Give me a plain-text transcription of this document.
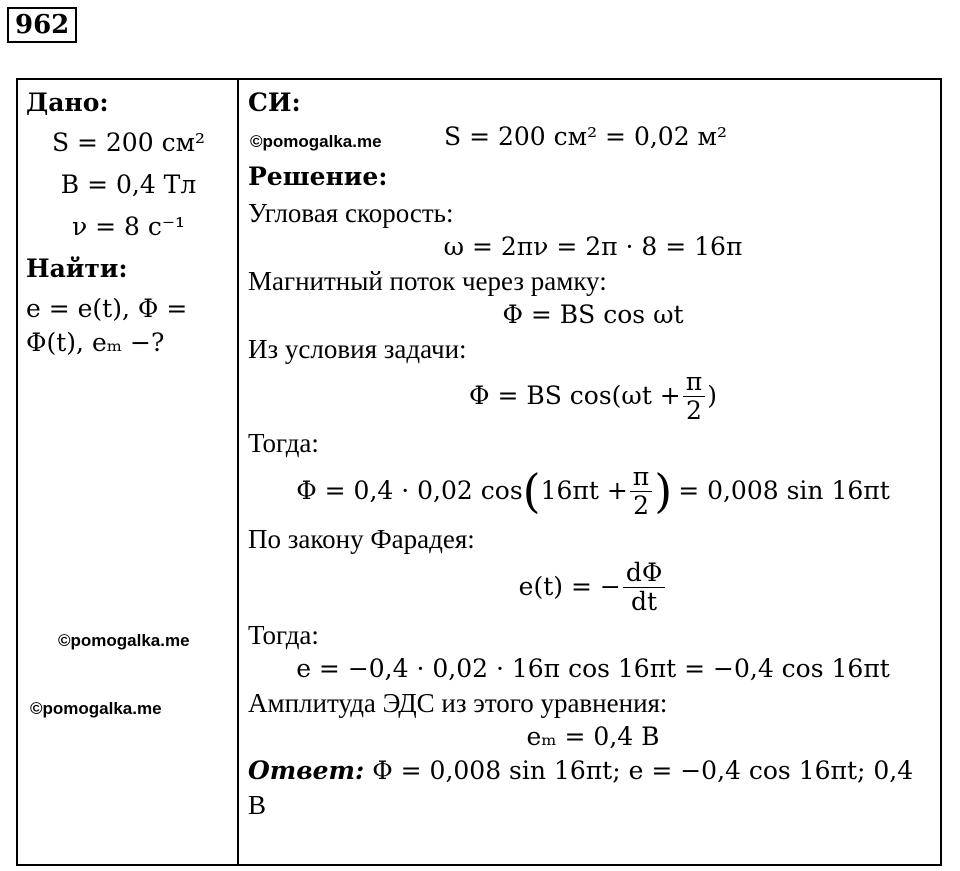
962
Дано:
S = 200 см²
B = 0,4 Тл
ν = 8 с⁻¹
Найти:
e = e(t), Φ =
Φ(t), eₘ −?
©pomogalka.me
©pomogalka.me
СИ:
©pomogalka.me S = 200 см² = 0,02 м²
Решение:
Угловая скорость:
ω = 2πν = 2π · 8 = 16π
Магнитный поток через рамку:
Φ = BS cos ωt
Из условия задачи:
Φ = BS $\cos(\omega t + \frac{\pi}{2}$ )
Тогда:
Φ = 0,4 · 0,02 cos ( $16\pi t + \frac{\pi}{2}$ ) = 0,008 sin 16πt
По закону Фарадея:
e(t) = − $\frac{d\Phi}{dt}$
Тогда:
e = −0,4 · 0,02 · 16π cos 16πt = −0,4 cos 16πt
Амплитуда ЭДС из этого уравнения:
eₘ = 0,4 В
Ответ: Φ = 0,008 sin 16πt; e = −0,4 cos 16πt; 0,4
В
